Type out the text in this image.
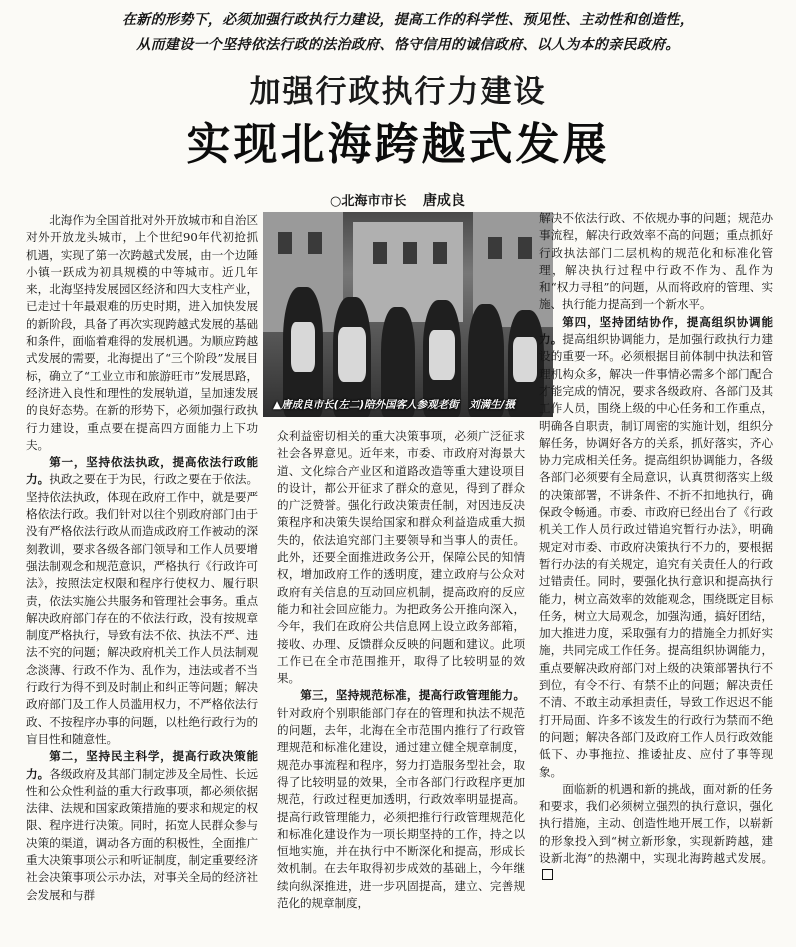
在新的形势下，必须加强行政执行力建设，提高工作的科学性、预见性、主动性和创造性，
从而建设一个坚持依法行政的法治政府、恪守信用的诚信政府、以人为本的亲民政府。
加强行政执行力建设
实现北海跨越式发展
○北海市市长 唐成良

北海作为全国首批对外开放城市和自治区对外开放龙头城市，上个世纪90年代初抢抓机遇，实现了第一次跨越式发展，由一个边陲小镇一跃成为初具规模的中等城市。近几年来，北海坚持发展园区经济和四大支柱产业，已走过十年最艰难的历史时期，进入加快发展的新阶段，具备了再次实现跨越式发展的基础和条件，面临着难得的发展机遇。为顺应跨越式发展的需要，北海提出了“三个阶段”发展目标，确立了“工业立市和旅游旺市”发展思路，经济进入良性和理性的发展轨道，呈加速发展的良好态势。在新的形势下，必须加强行政执行力建设，重点要在提高四方面能力上下功夫。

第一，坚持依法执政，提高依法行政能力。执政之要在于为民，行政之要在于依法。坚持依法执政，体现在政府工作中，就是要严格依法行政。我们针对以往个别政府部门由于没有严格依法行政从而造成政府工作被动的深刻教训，要求各级各部门领导和工作人员要增强法制观念和规范意识，严格执行《行政许可法》，按照法定权限和程序行使权力、履行职责，依法实施公共服务和管理社会事务。重点解决政府部门存在的不依法行政，没有按规章制度严格执行，导致有法不依、执法不严、违法不究的问题；解决政府机关工作人员法制观念淡薄、行政不作为、乱作为，违法或者不当行政行为得不到及时制止和纠正等问题；解决政府部门及工作人员滥用权力，不严格依法行政、不按程序办事的问题，以杜绝行政行为的盲目性和随意性。

第二，坚持民主科学，提高行政决策能力。各级政府及其部门制定涉及全局性、长远性和公众性利益的重大行政事项，都必须依据法律、法规和国家政策措施的要求和规定的权限、程序进行决策。同时，拓宽人民群众参与决策的渠道，调动各方面的积极性，全面推广重大决策事项公示和听证制度，制定重要经济社会决策事项公示办法，对事关全局的经济社会发展和与群

▲唐成良市长(左二)陪外国客人参观老街　刘满生/摄

众利益密切相关的重大决策事项，必须广泛征求社会各界意见。近年来，市委、市政府对海景大道、文化综合产业区和道路改造等重大建设项目的设计，都公开征求了群众的意见，得到了群众的广泛赞誉。强化行政决策责任制，对因违反决策程序和决策失误给国家和群众利益造成重大损失的，依法追究部门主要领导和当事人的责任。此外，还要全面推进政务公开，保障公民的知情权，增加政府工作的透明度，建立政府与公众对政府有关信息的互动回应机制，提高政府的反应能力和社会回应能力。为把政务公开推向深入，今年，我们在政府公共信息网上设立政务部箱，接收、办理、反馈群众反映的问题和建议。此项工作已在全市范围推开，取得了比较明显的效果。

第三，坚持规范标准，提高行政管理能力。针对政府个别职能部门存在的管理和执法不规范的问题，去年，北海在全市范围内推行了行政管理规范和标准化建设，通过建立健全规章制度，规范办事流程和程序，努力打造服务型社会，取得了比较明显的效果，全市各部门行政程序更加规范，行政过程更加透明，行政效率明显提高。提高行政管理能力，必须把推行行政管理规范化和标准化建设作为一项长期坚持的工作，持之以恒地实施，并在执行中不断深化和提高，形成长效机制。在去年取得初步成效的基础上，今年继续向纵深推进，进一步巩固提高，建立、完善规范化的规章制度，

解决不依法行政、不依规办事的问题；规范办事流程，解决行政效率不高的问题；重点抓好行政执法部门二层机构的规范化和标准化管理，解决执行过程中行政不作为、乱作为和“权力寻租”的问题，从而将政府的管理、实施、执行能力提高到一个新水平。

第四，坚持团结协作，提高组织协调能力。提高组织协调能力，是加强行政执行力建设的重要一环。必须根据目前体制中执法和管理机构众多，解决一件事情必需多个部门配合才能完成的情况，要求各级政府、各部门及其工作人员，围绕上级的中心任务和工作重点，明确各自职责，制订周密的实施计划，组织分解任务，协调好各方的关系，抓好落实，齐心协力完成相关任务。提高组织协调能力，各级各部门必须要有全局意识，认真贯彻落实上级的决策部署，不讲条件、不折不扣地执行，确保政令畅通。市委、市政府已经出台了《行政机关工作人员行政过错追究暂行办法》，明确规定对市委、市政府决策执行不力的，要根据暂行办法的有关规定，追究有关责任人的行政过错责任。同时，要强化执行意识和提高执行能力，树立高效率的效能观念，围绕既定目标任务，树立大局观念，加强沟通，搞好团结，加大推进力度，采取强有力的措施全力抓好实施，共同完成工作任务。提高组织协调能力，重点要解决政府部门对上级的决策部署执行不到位，有令不行、有禁不止的问题；解决责任不清、不敢主动承担责任，导致工作迟迟不能打开局面、许多不该发生的行政行为禁而不绝的问题；解决各部门及政府工作人员行政效能低下、办事拖拉、推诿扯皮、应付了事等现象。

面临新的机遇和新的挑战，面对新的任务和要求，我们必须树立强烈的执行意识，强化执行措施，主动、创造性地开展工作，以崭新的形象投入到“树立新形象，实现新跨越，建设新北海”的热潮中，实现北海跨越式发展。
